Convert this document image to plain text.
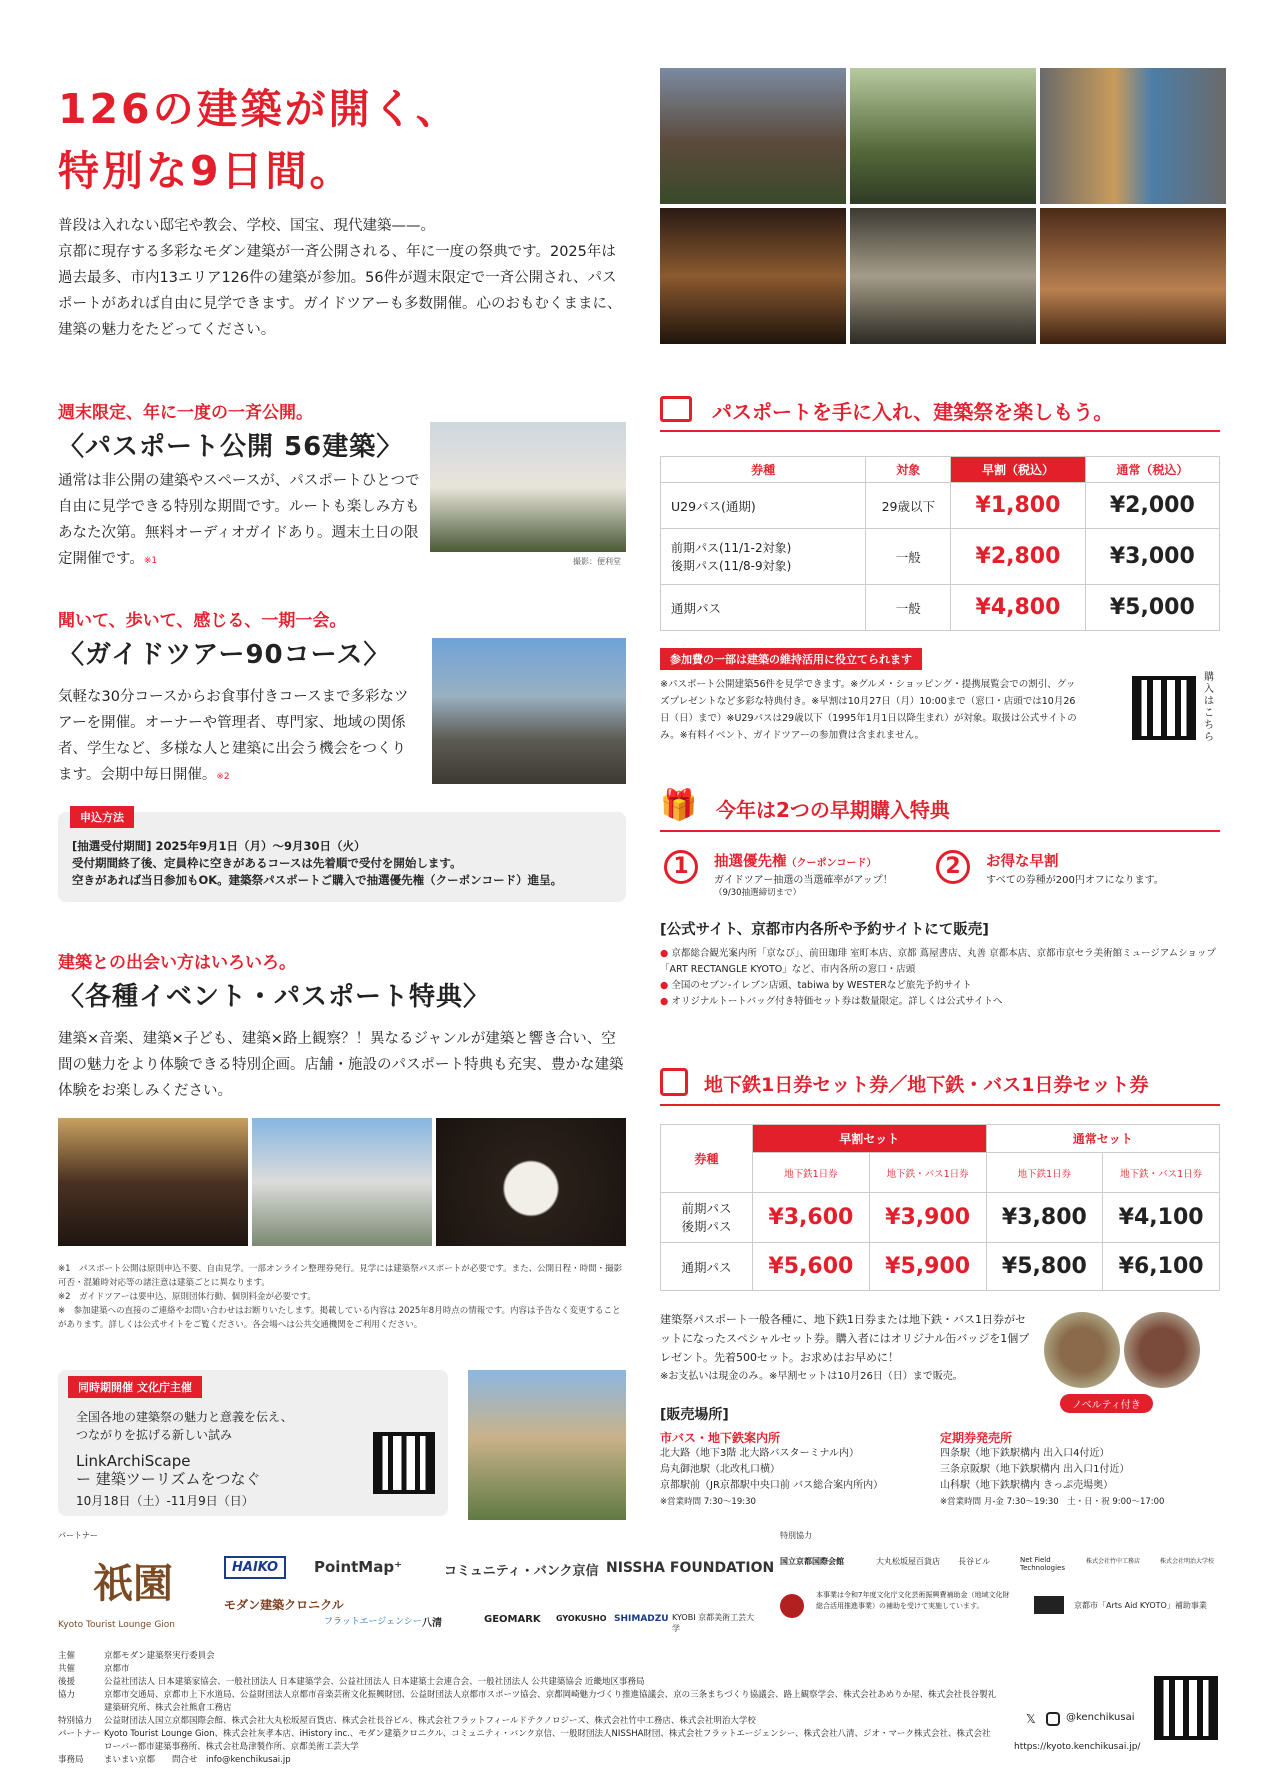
126の建築が開く、
特別な9日間。
普段は入れない邸宅や教会、学校、国宝、現代建築——。
京都に現存する多彩なモダン建築が一斉公開される、年に一度の祭典です。2025年は過去最多、市内13エリア126件の建築が参加。56件が週末限定で一斉公開され、パスポートがあれば自由に見学できます。ガイドツアーも多数開催。心のおもむくままに、建築の魅力をたどってください。
週末限定、年に一度の一斉公開。
〈パスポート公開 56建築〉
通常は非公開の建築やスペースが、パスポートひとつで自由に見学できる特別な期間です。ルートも楽しみ方もあなた次第。無料オーディオガイドあり。週末土日の限定開催です。※1	撮影：便利堂
聞いて、歩いて、感じる、一期一会。
〈ガイドツアー90コース〉
気軽な30分コースからお食事付きコースまで多彩なツアーを開催。オーナーや管理者、専門家、地域の関係者、学生など、多様な人と建築に出会う機会をつくります。会期中毎日開催。※2
申込方法
[抽選受付期間] 2025年9月1日（月）〜9月30日（火）
受付期間終了後、定員枠に空きがあるコースは先着順で受付を開始します。
空きがあれば当日参加もOK。建築祭パスポートご購入で抽選優先権（クーポンコード）進呈。
建築との出会い方はいろいろ。
〈各種イベント・パスポート特典〉
建築×音楽、建築×子ども、建築×路上観察？！異なるジャンルが建築と響き合い、空間の魅力をより体験できる特別企画。店舗・施設のパスポート特典も充実、豊かな建築体験をお楽しみください。
※1　パスポート公開は原則申込不要、自由見学。一部オンライン整理券発行。見学には建築祭パスポートが必要です。また、公開日程・時間・撮影可否・混雑時対応等の諸注意は建築ごとに異なります。
※2　ガイドツアーは要申込、原則団体行動、個別料金が必要です。
※　参加建築への直接のご連絡やお問い合わせはお断りいたします。掲載している内容は 2025年8月時点の情報です。内容は予告なく変更することがあります。詳しくは公式サイトをご覧ください。各会場へは公共交通機関をご利用ください。
同時期開催 文化庁主催
全国各地の建築祭の魅力と意義を伝え、
つながりを拡げる新しい試み
LinkArchiScape
ー 建築ツーリズムをつなぐ
10月18日（土）-11月9日（日）
パスポートを手に入れ、建築祭を楽しもう。
券種	対象	早割（税込）	通常（税込）
U29パス(通期)	29歳以下	¥1,800	¥2,000
前期パス(11/1-2対象)
後期パス(11/8-9対象)	一般	¥2,800	¥3,000
通期パス	一般	¥4,800	¥5,000
参加費の一部は建築の維持活用に役立てられます
※パスポート公開建築56件を見学できます。※グルメ・ショッピング・提携展覧会での割引、グッズプレゼントなど多彩な特典付き。※早割は10月27日（月）10:00まで（窓口・店頭では10月26日（日）まで）※U29パスは29歳以下（1995年1月1日以降生まれ）が対象。取扱は公式サイトのみ。※有料イベント、ガイドツアーの参加費は含まれません。
購入はこちら
🎁 今年は2つの早期購入特典
1	抽選優先権（クーポンコード）
ガイドツアー抽選の当選確率がアップ！
（9/30抽選締切まで）
2	お得な早割
すべての券種が200円オフになります。
[公式サイト、京都市内各所や予約サイトにて販売]
● 京都総合観光案内所「京なび」、前田珈琲 室町本店、京都 蔦屋書店、丸善 京都本店、京都市京セラ美術館ミュージアムショップ「ART RECTANGLE KYOTO」など、市内各所の窓口・店頭
● 全国のセブン-イレブン店頭、tabiwa by WESTERなど旅先予約サイト
● オリジナルトートバッグ付き特価セット券は数量限定。詳しくは公式サイトへ
地下鉄1日券セット券／地下鉄・バス1日券セット券
券種	早割セット		通常セット	
	地下鉄1日券	地下鉄・バス1日券	地下鉄1日券	地下鉄・バス1日券
前期パス
後期パス	¥3,600	¥3,900	¥3,800	¥4,100
通期パス	¥5,600	¥5,900	¥5,800	¥6,100
建築祭パスポート一般各種に、地下鉄1日券または地下鉄・バス1日券がセットになったスペシャルセット券。購入者にはオリジナル缶バッジを1個プレゼント。先着500セット。お求めはお早めに！
※お支払いは現金のみ。※早割セットは10月26日（日）まで販売。
ノベルティ付き
[販売場所]
市バス・地下鉄案内所
北大路（地下3階 北大路バスターミナル内）
烏丸御池駅（北改札口横）
京都駅前（JR京都駅中央口前 バス総合案内所内）
※営業時間 7:30〜19:30
定期券発売所
四条駅（地下鉄駅構内 出入口4付近）
三条京阪駅（地下鉄駅構内 出入口1付近）
山科駅（地下鉄駅構内 きっぷ売場奥）
※営業時間 月-金 7:30〜19:30　土・日・祝 9:00〜17:00
パートナー
祇園
Kyoto Tourist Lounge Gion
HAIKO	PointMap⁺	コミュニティ・バンク京信 NISSHA FOUNDATION
モダン建築クロニクル
フラットエージェンシー 八清	GEOMARK GYOKUSHO SHIMADZU KYOBI 京都美術工芸大学
特別協力
国立京都国際会館	大丸松坂屋百貨店 長谷ビル	Net Field Technologies
株式会社竹中工務店	株式会社明治大学校
本事業は令和7年度文化庁文化芸術振興費補助金（地域文化財総合活用推進事業）の補助を受けて実施しています。	京都市「Arts Aid KYOTO」補助事業
主催	京都モダン建築祭実行委員会
共催	京都市
後援	公益社団法人 日本建築家協会、一般社団法人 日本建築学会、公益社団法人 日本建築士会連合会、一般社団法人 公共建築協会 近畿地区事務局
協力	京都市交通局、京都市上下水道局、公益財団法人京都市音楽芸術文化振興財団、公益財団法人京都市スポーツ協会、京都岡崎魅力づくり推進協議会、京の三条まちづくり協議会、路上観察学会、株式会社あめりか屋、株式会社長谷製礼建築研究所、株式会社熊倉工務店
特別協力	公益財団法人国立京都国際会館、株式会社大丸松坂屋百貨店、株式会社長谷ビル、株式会社フラットフィールドテクノロジーズ、株式会社竹中工務店、株式会社明治大学校
パートナー Kyoto Tourist Lounge Gion、株式会社灰孝本店、iHistory inc.、モダン建築クロニクル、コミュニティ・バンク京信、一般財団法人NISSHA財団、株式会社フラットエージェンシー、株式会社八清、ジオ・マーク株式会社、株式会社ローバー都市建築事務所、株式会社島津製作所、京都美術工芸大学
事務局	まいまい京都　　問合せ　info@kenchikusai.jp
𝕏	@kenchikusai
https://kyoto.kenchikusai.jp/
